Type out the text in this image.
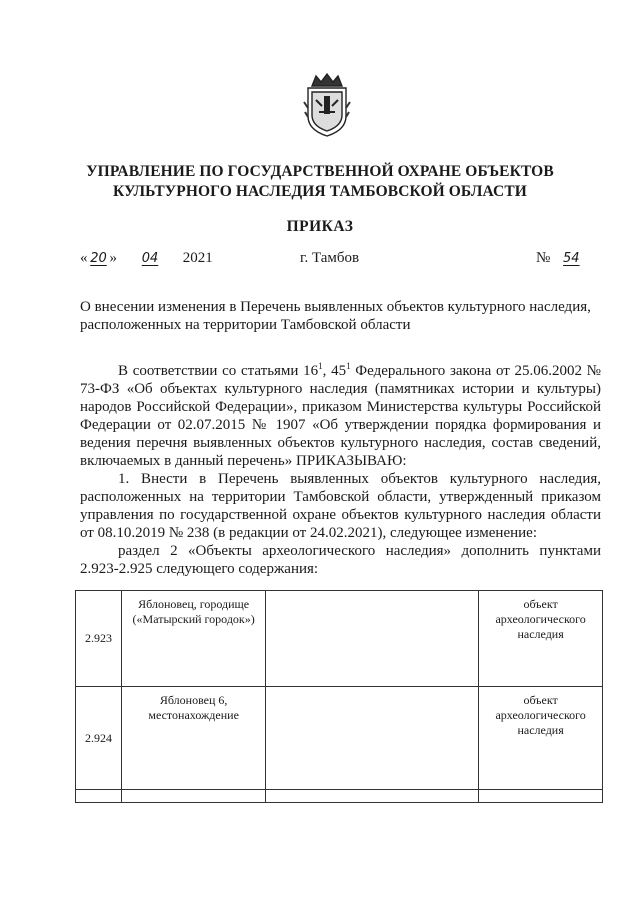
УПРАВЛЕНИЕ ПО ГОСУДАРСТВЕННОЙ ОХРАНЕ ОБЪЕКТОВ
КУЛЬТУРНОГО НАСЛЕДИЯ ТАМБОВСКОЙ ОБЛАСТИ
ПРИКАЗ
« 20 » 04 2021	г. Тамбов	№ 54
О внесении изменения в Перечень выявленных объектов культурного наследия, расположенных на территории Тамбовской области

В соответствии со статьями $16^1$, $45^1$ Федерального закона от 25.06.2002 № 73-ФЗ «Об объектах культурного наследия (памятниках истории и культуры) народов Российской Федерации», приказом Министерства культуры Российской Федерации от 02.07.2015 № 1907 «Об утверждении порядка формирования и ведения перечня выявленных объектов культурного наследия, состав сведений, включаемых в данный перечень» ПРИКАЗЫВАЮ:

1. Внести в Перечень выявленных объектов культурного наследия, расположенных на территории Тамбовской области, утвержденный приказом управления по государственной охране объектов культурного наследия области от 08.10.2019 № 238 (в редакции от 24.02.2021), следующее изменение:

раздел 2 «Объекты археологического наследия» дополнить пунктами 2.923-2.925 следующего содержания:

2.923	Яблоновец, городище («Матырский городок»)		объект археологического наследия
2.924	Яблоновец 6, местонахождение		объект археологического наследия
